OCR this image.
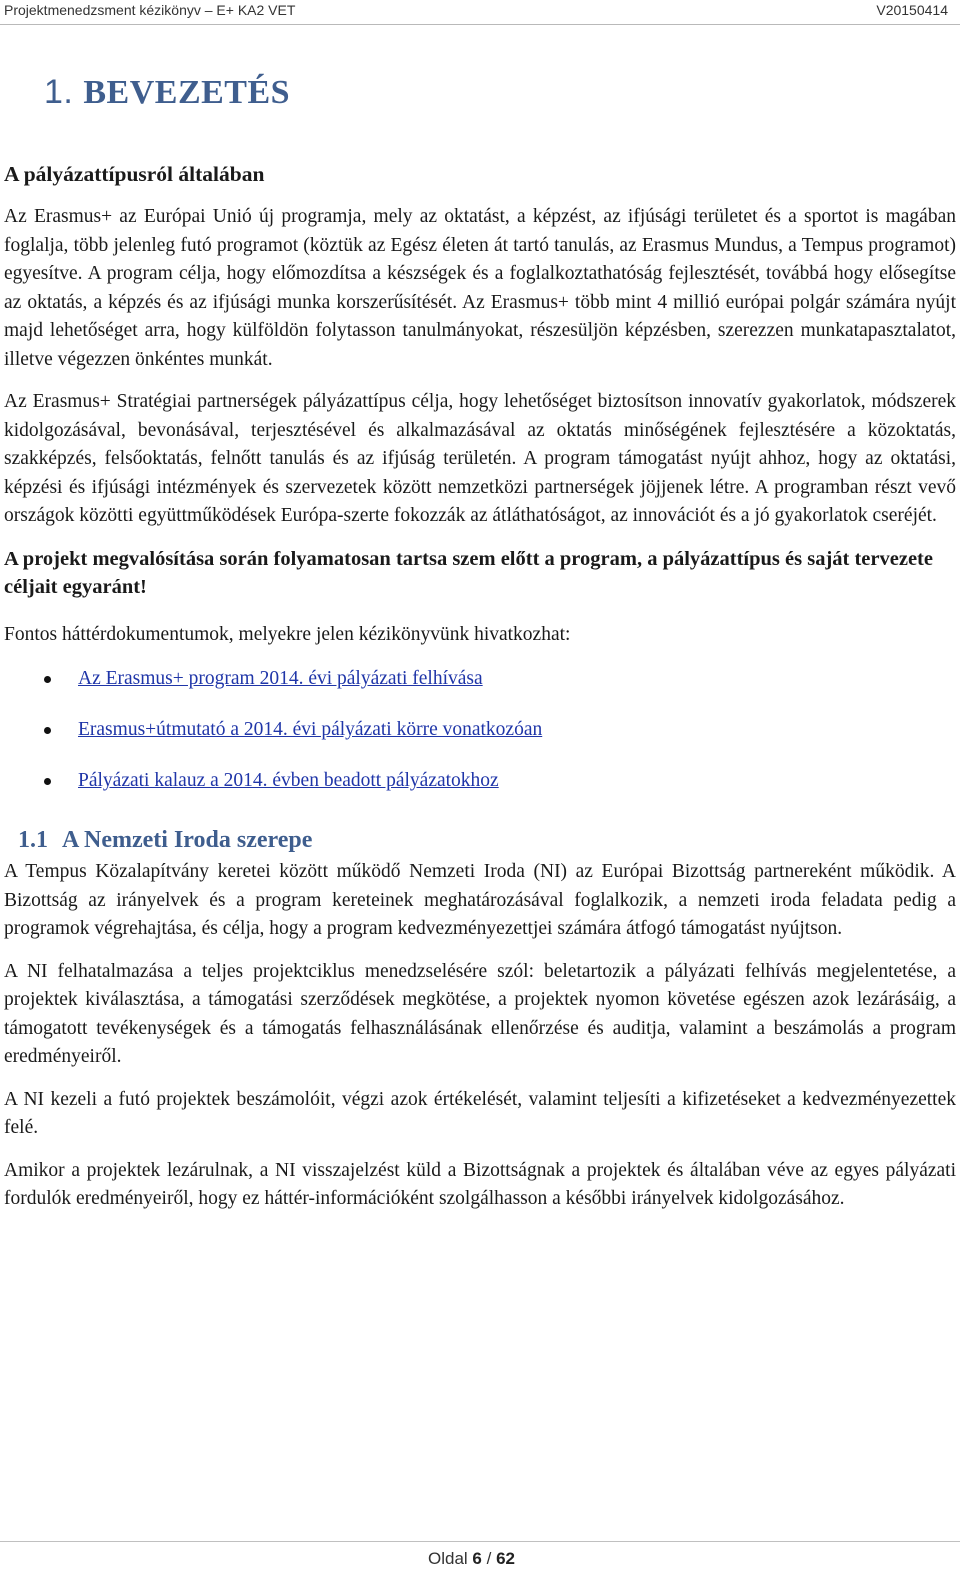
Projektmenedzsment kézikönyv – E+ KA2 VET	V20150414
1. BEVEZETÉS
A pályázattípusról általában

Az Erasmus+ az Európai Unió új programja, mely az oktatást, a képzést, az ifjúsági területet és a sportot is magában foglalja, több jelenleg futó programot (köztük az Egész életen át tartó tanulás, az Erasmus Mundus, a Tempus programot) egyesítve. A program célja, hogy előmozdítsa a készségek és a foglalkoztathatóság fejlesztését, továbbá hogy elősegítse az oktatás, a képzés és az ifjúsági munka korszerűsítését. Az Erasmus+ több mint 4 millió európai polgár számára nyújt majd lehetőséget arra, hogy külföldön folytasson tanulmányokat, részesüljön képzésben, szerezzen munkatapasztalatot, illetve végezzen önkéntes munkát.

Az Erasmus+ Stratégiai partnerségek pályázattípus célja, hogy lehetőséget biztosítson innovatív gyakorlatok, módszerek kidolgozásával, bevonásával, terjesztésével és alkalmazásával az oktatás minőségének fejlesztésére a közoktatás, szakképzés, felsőoktatás, felnőtt tanulás és az ifjúság területén. A program támogatást nyújt ahhoz, hogy az oktatási, képzési és ifjúsági intézmények és szervezetek között nemzetközi partnerségek jöjjenek létre. A programban részt vevő országok közötti együttműködések Európa-szerte fokozzák az átláthatóságot, az innovációt és a jó gyakorlatok cseréjét.

A projekt megvalósítása során folyamatosan tartsa szem előtt a program, a pályázattípus és saját tervezete céljait egyaránt!

Fontos háttérdokumentumok, melyekre jelen kézikönyvünk hivatkozhat:

Az Erasmus+ program 2014. évi pályázati felhívása
Erasmus+útmutató a 2014. évi pályázati körre vonatkozóan
Pályázati kalauz a 2014. évben beadott pályázatokhoz
1.1 A Nemzeti Iroda szerepe

A Tempus Közalapítvány keretei között működő Nemzeti Iroda (NI) az Európai Bizottság partnereként működik. A Bizottság az irányelvek és a program kereteinek meghatározásával foglalkozik, a nemzeti iroda feladata pedig a programok végrehajtása, és célja, hogy a program kedvezményezettjei számára átfogó támogatást nyújtson.

A NI felhatalmazása a teljes projektciklus menedzselésére szól: beletartozik a pályázati felhívás megjelentetése, a projektek kiválasztása, a támogatási szerződések megkötése, a projektek nyomon követése egészen azok lezárásáig, a támogatott tevékenységek és a támogatás felhasználásának ellenőrzése és auditja, valamint a beszámolás a program eredményeiről.

A NI kezeli a futó projektek beszámolóit, végzi azok értékelését, valamint teljesíti a kifizetéseket a kedvezményezettek felé.

Amikor a projektek lezárulnak, a NI visszajelzést küld a Bizottságnak a projektek és általában véve az egyes pályázati fordulók eredményeiről, hogy ez háttér-információként szolgálhasson a későbbi irányelvek kidolgozásához.

Oldal 6 / 62
